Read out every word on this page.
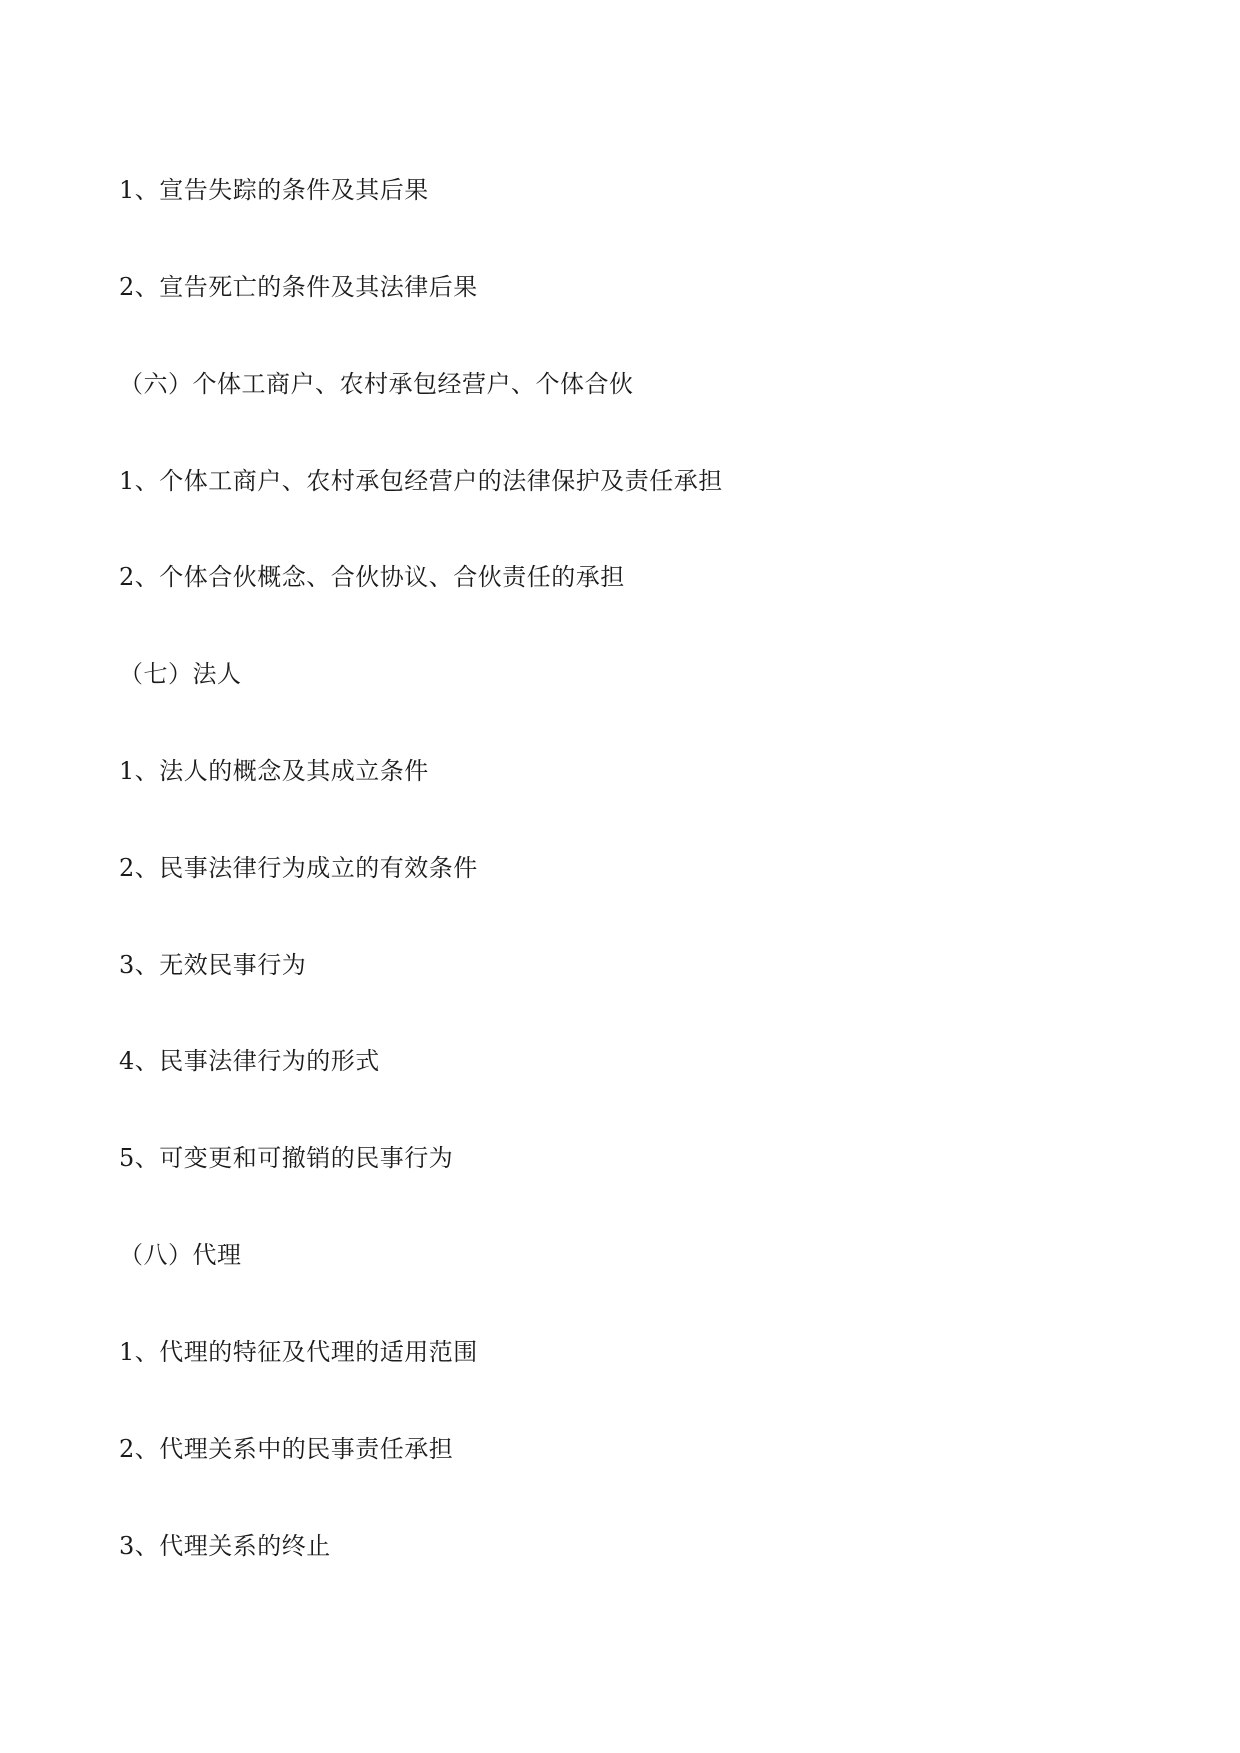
1、宣告失踪的条件及其后果
2、宣告死亡的条件及其法律后果
（六）个体工商户、农村承包经营户、个体合伙
1、个体工商户、农村承包经营户的法律保护及责任承担
2、个体合伙概念、合伙协议、合伙责任的承担
（七）法人
1、法人的概念及其成立条件
2、民事法律行为成立的有效条件
3、无效民事行为
4、民事法律行为的形式
5、可变更和可撤销的民事行为
（八）代理
1、代理的特征及代理的适用范围
2、代理关系中的民事责任承担
3、代理关系的终止
